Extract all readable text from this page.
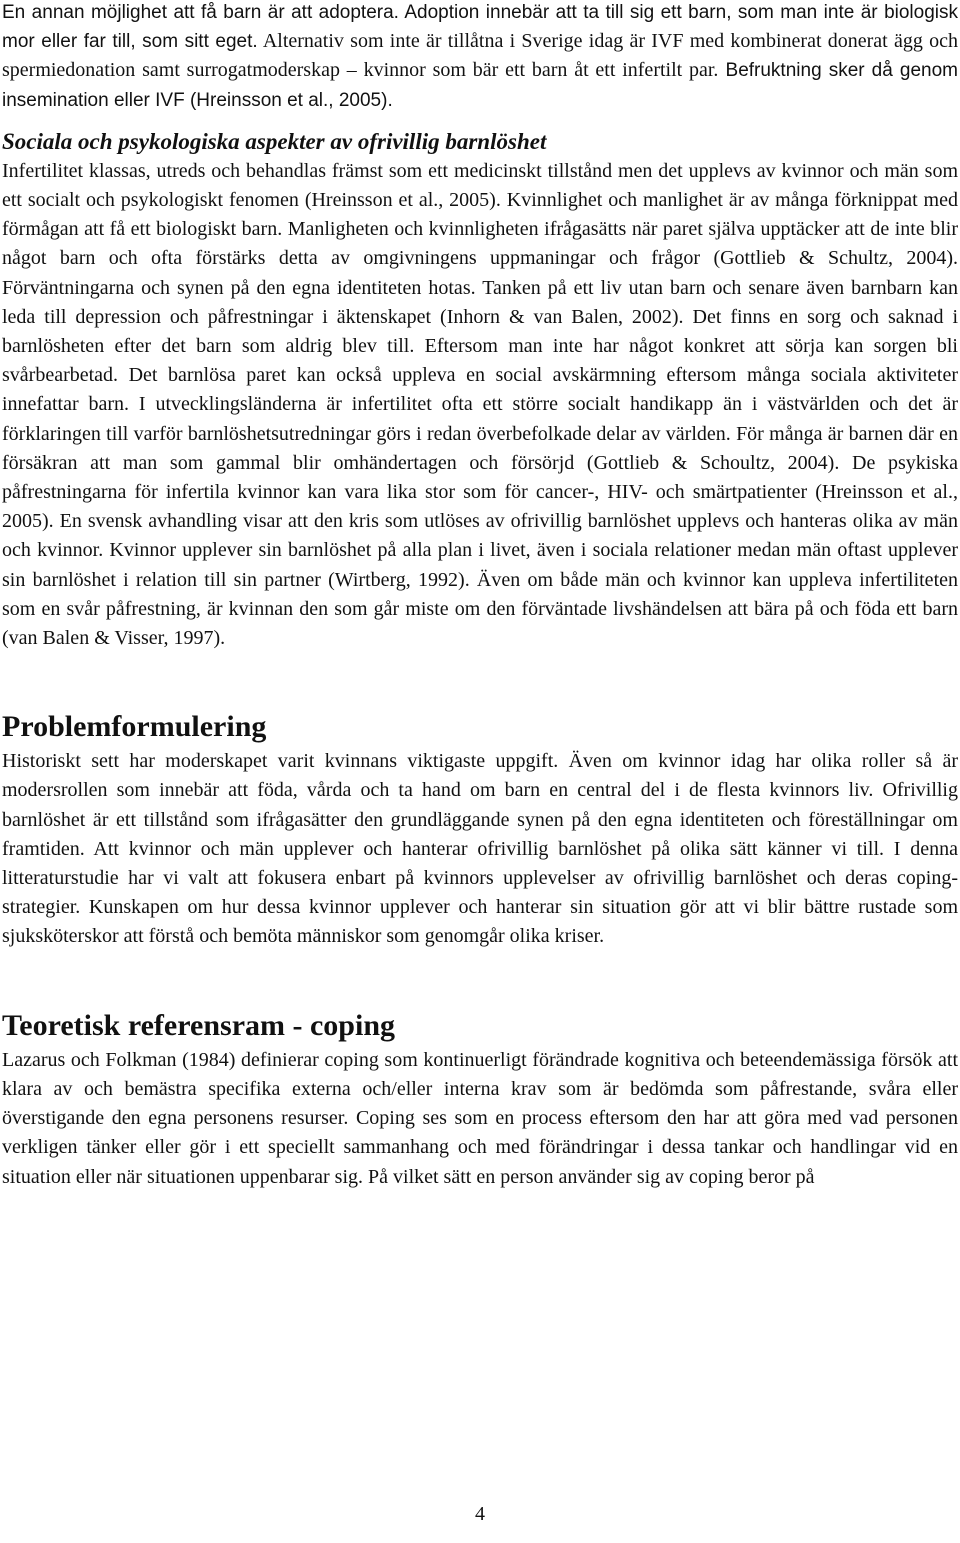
En annan möjlighet att få barn är att adoptera. Adoption innebär att ta till sig ett barn, som man inte är biologisk mor eller far till, som sitt eget. Alternativ som inte är tillåtna i Sverige idag är IVF med kombinerat donerat ägg och spermiedonation samt surrogatmoderskap – kvinnor som bär ett barn åt ett infertilt par. Befruktning sker då genom insemination eller IVF (Hreinsson et al., 2005).

Sociala och psykologiska aspekter av ofrivillig barnlöshet

Infertilitet klassas, utreds och behandlas främst som ett medicinskt tillstånd men det upplevs av kvinnor och män som ett socialt och psykologiskt fenomen (Hreinsson et al., 2005). Kvinnlighet och manlighet är av många förknippat med förmågan att få ett biologiskt barn. Manligheten och kvinnligheten ifrågasätts när paret själva upptäcker att de inte blir något barn och ofta förstärks detta av omgivningens uppmaningar och frågor (Gottlieb & Schultz, 2004). Förväntningarna och synen på den egna identiteten hotas. Tanken på ett liv utan barn och senare även barnbarn kan leda till depression och påfrestningar i äktenskapet (Inhorn & van Balen, 2002). Det finns en sorg och saknad i barnlösheten efter det barn som aldrig blev till. Eftersom man inte har något konkret att sörja kan sorgen bli svårbearbetad. Det barnlösa paret kan också uppleva en social avskärmning eftersom många sociala aktiviteter innefattar barn. I utvecklingsländerna är infertilitet ofta ett större socialt handikapp än i västvärlden och det är förklaringen till varför barnlöshetsutredningar görs i redan överbefolkade delar av världen. För många är barnen där en försäkran att man som gammal blir omhändertagen och försörjd (Gottlieb & Schoultz, 2004). De psykiska påfrestningarna för infertila kvinnor kan vara lika stor som för cancer-, HIV- och smärtpatienter (Hreinsson et al., 2005). En svensk avhandling visar att den kris som utlöses av ofrivillig barnlöshet upplevs och hanteras olika av män och kvinnor. Kvinnor upplever sin barnlöshet på alla plan i livet, även i sociala relationer medan män oftast upplever sin barnlöshet i relation till sin partner (Wirtberg, 1992). Även om både män och kvinnor kan uppleva infertiliteten som en svår påfrestning, är kvinnan den som går miste om den förväntade livshändelsen att bära på och föda ett barn (van Balen & Visser, 1997).

Problemformulering

Historiskt sett har moderskapet varit kvinnans viktigaste uppgift. Även om kvinnor idag har olika roller så är modersrollen som innebär att föda, vårda och ta hand om barn en central del i de flesta kvinnors liv. Ofrivillig barnlöshet är ett tillstånd som ifrågasätter den grundläggande synen på den egna identiteten och föreställningar om framtiden. Att kvinnor och män upplever och hanterar ofrivillig barnlöshet på olika sätt känner vi till. I denna litteraturstudie har vi valt att fokusera enbart på kvinnors upplevelser av ofrivillig barnlöshet och deras coping-strategier. Kunskapen om hur dessa kvinnor upplever och hanterar sin situation gör att vi blir bättre rustade som sjuksköterskor att förstå och bemöta människor som genomgår olika kriser.

Teoretisk referensram - coping

Lazarus och Folkman (1984) definierar coping som kontinuerligt förändrade kognitiva och beteendemässiga försök att klara av och bemästra specifika externa och/eller interna krav som är bedömda som påfrestande, svåra eller överstigande den egna personens resurser. Coping ses som en process eftersom den har att göra med vad personen verkligen tänker eller gör i ett speciellt sammanhang och med förändringar i dessa tankar och handlingar vid en situation eller när situationen uppenbarar sig. På vilket sätt en person använder sig av coping beror på

4
